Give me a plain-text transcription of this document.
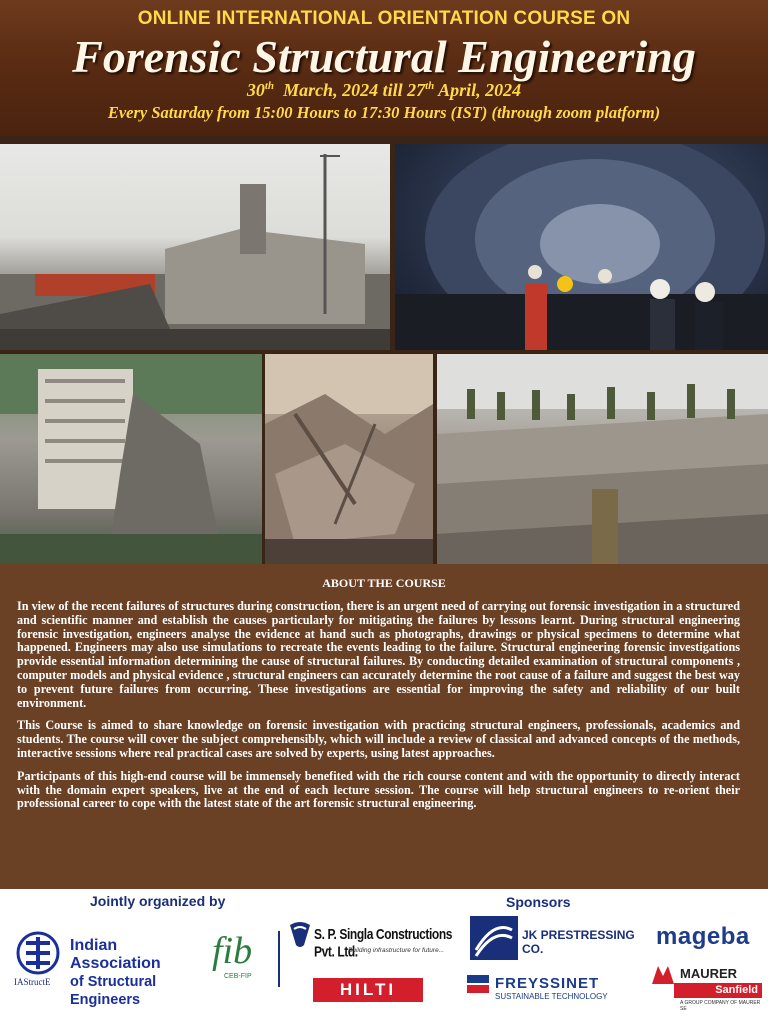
ONLINE INTERNATIONAL ORIENTATION COURSE ON
Forensic Structural Engineering
30th  March, 2024 till 27th April, 2024
Every Saturday from 15:00 Hours to 17:30 Hours (IST) (through zoom platform)
ABOUT THE COURSE

In view of the recent failures of structures during construction, there is an urgent need of carrying out forensic investigation in a structured and scientific manner and establish the causes particularly for mitigating the failures by lessons learnt. During structural engineering forensic investigation, engineers analyse the evidence at hand such as photographs, drawings or physical specimens to determine what happened. Engineers may also use simulations to recreate the events leading to the failure. Structural engineering forensic investigations provide essential information determining the cause of structural failures. By conducting detailed examination of structural components , computer models and physical evidence , structural engineers can accurately determine the root cause of a failure and suggest the best way to prevent future failures from occurring. These investigations are essential for improving the safety and reliability of our built environment.

This Course is aimed to share knowledge on forensic investigation with practicing structural engineers, professionals, academics and students. The course will cover the subject comprehensibly, which will include a review of classical and advanced concepts of the methods, interactive sessions where real practical cases are solved by experts, using latest approaches.

Participants of this high-end course will be immensely benefited with the rich course content and with the opportunity to directly interact with the domain expert speakers, live at the end of each lecture session. The course will help structural engineers to re-orient their professional career to cope with the latest state of the art forensic structural engineering.

Jointly organized by	Sponsors
Indian Association
of Structural Engineers
IAStructE
fib
CEB-FIP
S. P. Singla Constructions Pvt. Ltd.
Building infrastructure for future...
HILTI
JK PRESTRESSING CO.	mageba
FREYSSINET
SUSTAINABLE TECHNOLOGY
MAURER
Sanfield
A GROUP COMPANY OF MAURER SE
